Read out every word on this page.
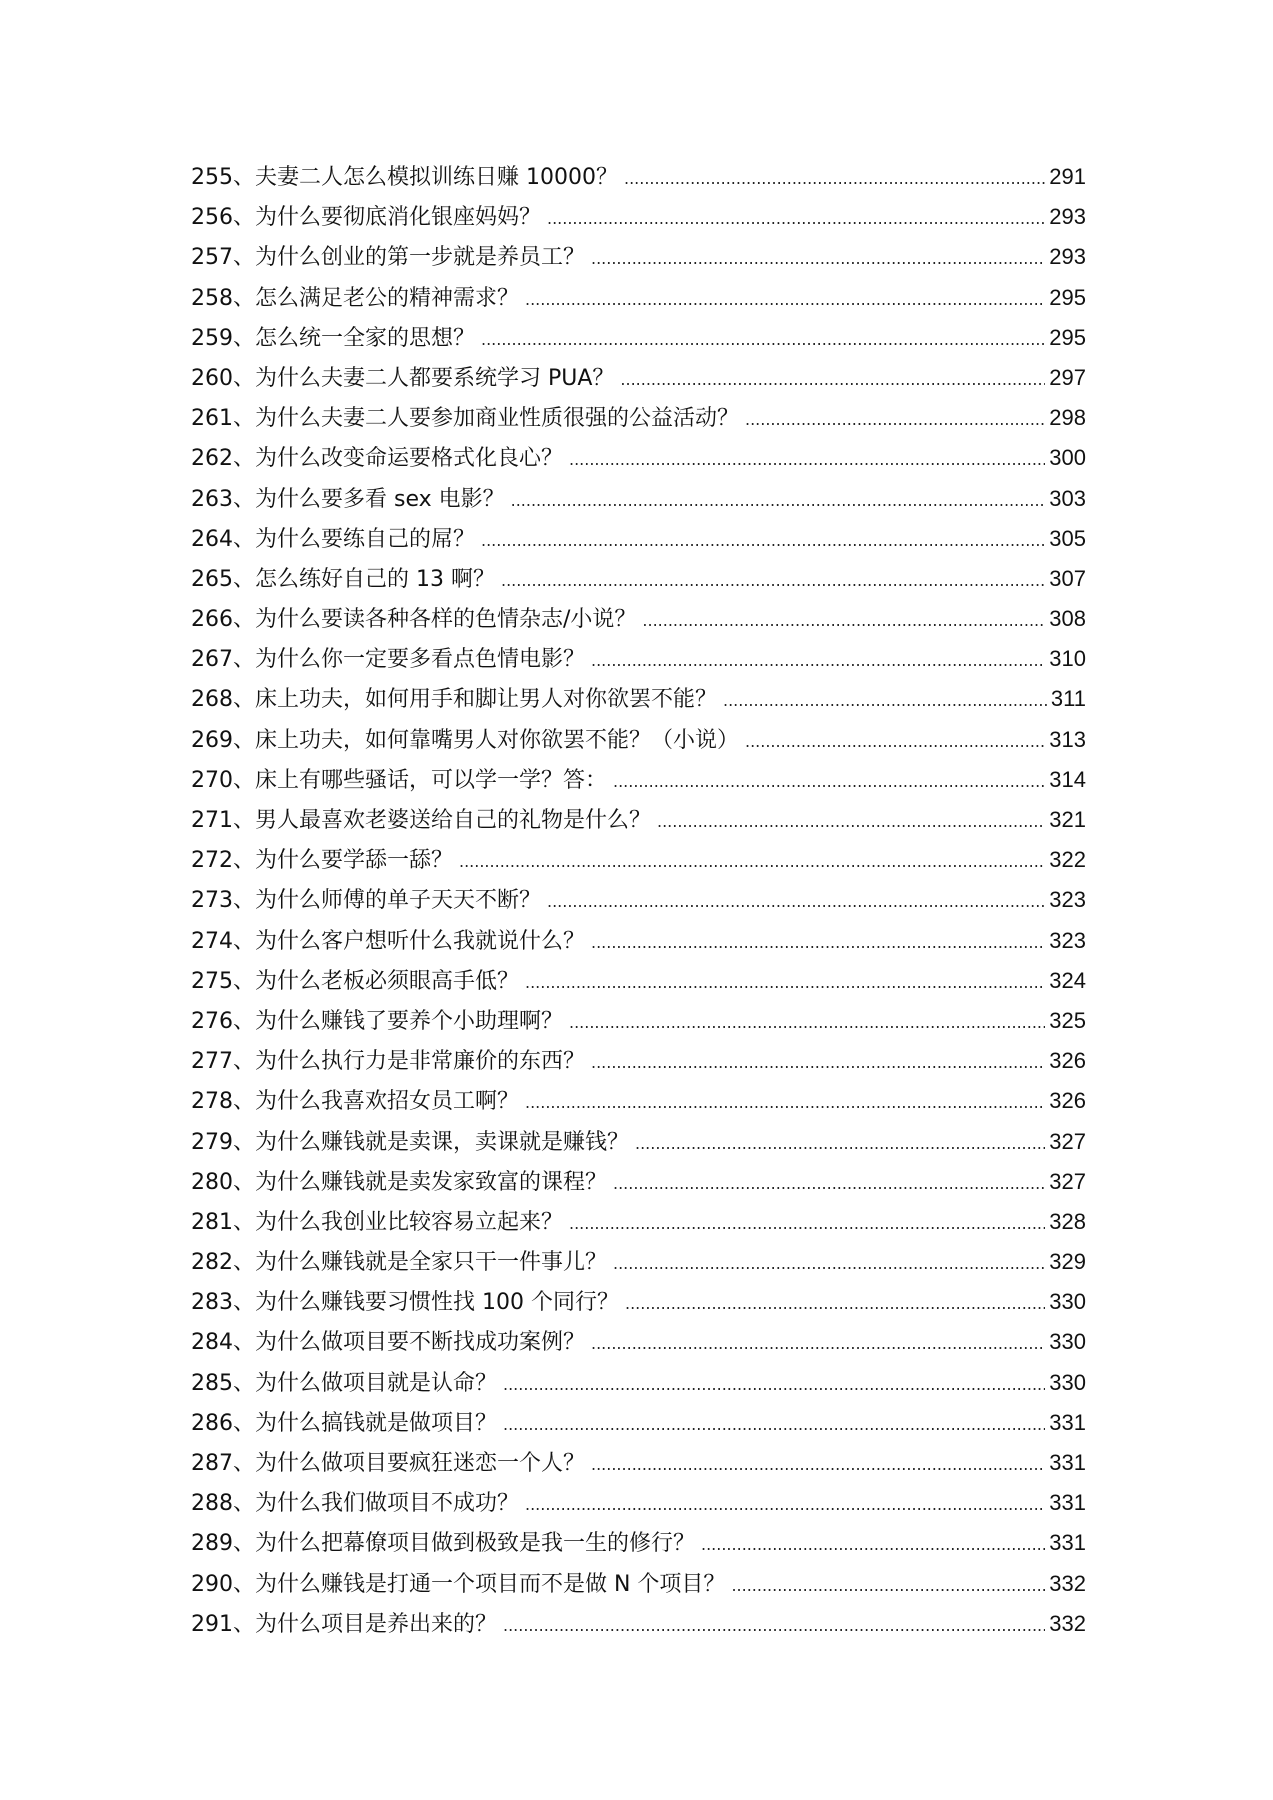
255、夫妻二人怎么模拟训练日赚 10000？ .....	291
256、为什么要彻底消化银座妈妈？ .....	293
257、为什么创业的第一步就是养员工？ .....	293
258、怎么满足老公的精神需求？ .....	295
259、怎么统一全家的思想？ .....	295
260、为什么夫妻二人都要系统学习 PUA？ .....	297
261、为什么夫妻二人要参加商业性质很强的公益活动？ .....	298
262、为什么改变命运要格式化良心？ .....	300
263、为什么要多看 sex 电影？ .....	303
264、为什么要练自己的屌？ .....	305
265、怎么练好自己的 13 啊？ .....	307
266、为什么要读各种各样的色情杂志/小说？ .....	308
267、为什么你一定要多看点色情电影？ .....	310
268、床上功夫，如何用手和脚让男人对你欲罢不能？ .....	311
269、床上功夫，如何靠嘴男人对你欲罢不能？（小说） .....	313
270、床上有哪些骚话，可以学一学？答： .....	314
271、男人最喜欢老婆送给自己的礼物是什么？ .....	321
272、为什么要学舔一舔？ .....	322
273、为什么师傅的单子天天不断？ .....	323
274、为什么客户想听什么我就说什么？ .....	323
275、为什么老板必须眼高手低？ .....	324
276、为什么赚钱了要养个小助理啊？ .....	325
277、为什么执行力是非常廉价的东西？ .....	326
278、为什么我喜欢招女员工啊？ .....	326
279、为什么赚钱就是卖课，卖课就是赚钱？ .....	327
280、为什么赚钱就是卖发家致富的课程？ .....	327
281、为什么我创业比较容易立起来？ .....	328
282、为什么赚钱就是全家只干一件事儿？ .....	329
283、为什么赚钱要习惯性找 100 个同行？ .....	330
284、为什么做项目要不断找成功案例？ .....	330
285、为什么做项目就是认命？ .....	330
286、为什么搞钱就是做项目？ .....	331
287、为什么做项目要疯狂迷恋一个人？ .....	331
288、为什么我们做项目不成功？ .....	331
289、为什么把幕僚项目做到极致是我一生的修行？ .....	331
290、为什么赚钱是打通一个项目而不是做 N 个项目？ .....	332
291、为什么项目是养出来的？ .....	332
